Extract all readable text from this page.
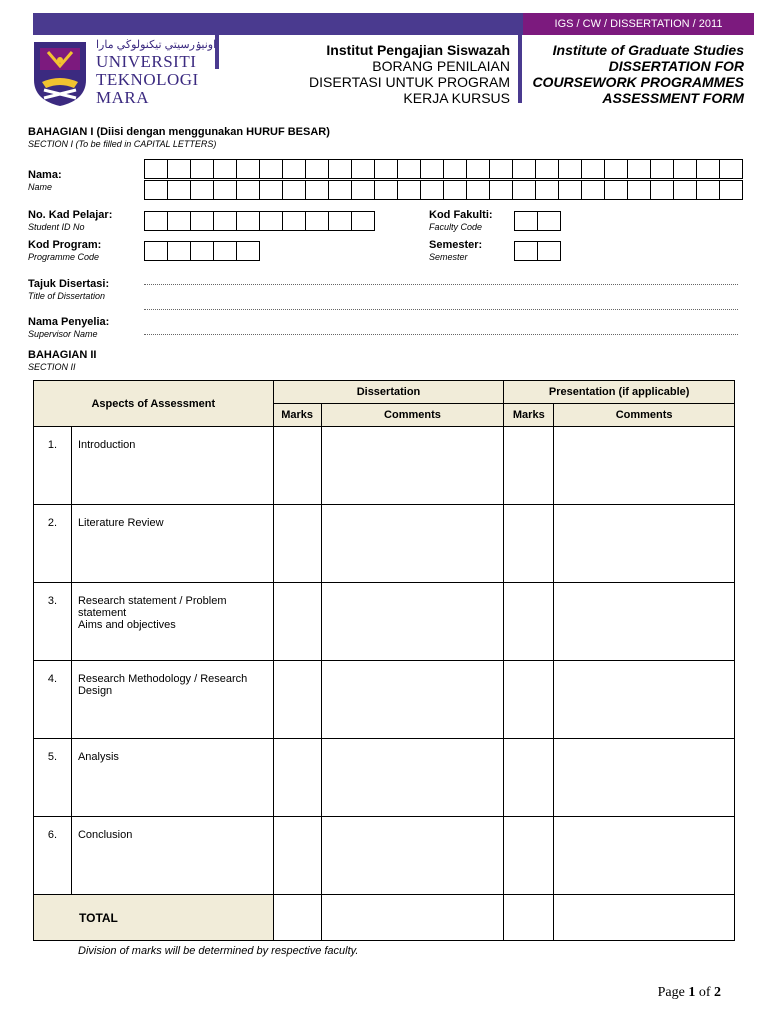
IGS / CW / DISSERTATION / 2011
اونيۏرسيتي تيكنولوڬي مارا
UNIVERSITI
TEKNOLOGI
MARA
Institut Pengajian Siswazah
BORANG PENILAIAN
DISERTASI UNTUK PROGRAM
KERJA KURSUS
Institute of Graduate Studies
DISSERTATION FOR
COURSEWORK PROGRAMMES
ASSESSMENT FORM
BAHAGIAN I (Diisi dengan menggunakan HURUF BESAR)
SECTION I (To be filled in CAPITAL LETTERS)
Nama:
Name
No. Kad Pelajar:
Student ID No
Kod Fakulti:
Faculty Code
Kod Program:
Programme Code
Semester:
Semester
Tajuk Disertasi:
Title of Dissertation
Nama Penyelia:
Supervisor Name
BAHAGIAN II
SECTION II
Aspects of Assessment		Dissertation		Presentation (if applicable)	
		Marks	Comments	Marks	Comments
1.	Introduction				

2.	Literature Review				

3.	Research statement / Problem
statement
Aims and objectives				

4.	Research Methodology / Research
Design				

5.	Analysis				

6.	Conclusion				

TOTAL					
Division of marks will be determined by respective faculty.
Page 1 of 2
